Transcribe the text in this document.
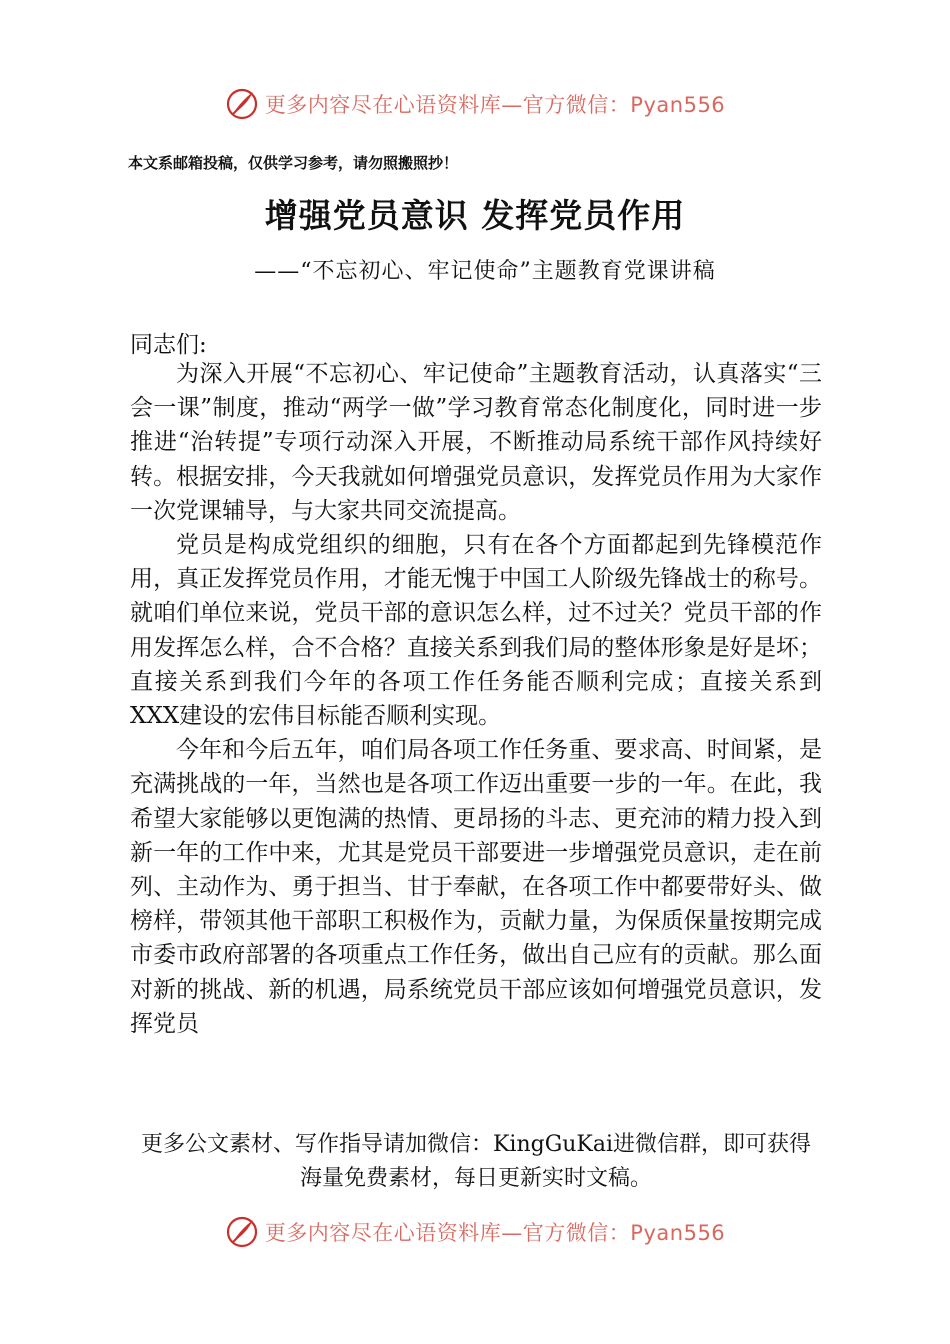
更多内容尽在心语资料库—官方微信：Pyan556
本文系邮箱投稿，仅供学习参考，请勿照搬照抄！
增强党员意识 发挥党员作用
——“不忘初心、牢记使命”主题教育党课讲稿
同志们:

为深入开展“不忘初心、牢记使命”主题教育活动，认真落实“三会一课”制度，推动“两学一做”学习教育常态化制度化，同时进一步推进“治转提”专项行动深入开展，不断推动局系统干部作风持续好转。根据安排，今天我就如何增强党员意识，发挥党员作用为大家作一次党课辅导，与大家共同交流提高。

党员是构成党组织的细胞，只有在各个方面都起到先锋模范作用，真正发挥党员作用，才能无愧于中国工人阶级先锋战士的称号。就咱们单位来说，党员干部的意识怎么样，过不过关？党员干部的作用发挥怎么样，合不合格？直接关系到我们局的整体形象是好是坏；直接关系到我们今年的各项工作任务能否顺利完成；直接关系到XXX建设的宏伟目标能否顺利实现。

今年和今后五年，咱们局各项工作任务重、要求高、时间紧，是充满挑战的一年，当然也是各项工作迈出重要一步的一年。在此，我希望大家能够以更饱满的热情、更昂扬的斗志、更充沛的精力投入到新一年的工作中来，尤其是党员干部要进一步增强党员意识，走在前列、主动作为、勇于担当、甘于奉献，在各项工作中都要带好头、做榜样，带领其他干部职工积极作为，贡献力量，为保质保量按期完成市委市政府部署的各项重点工作任务，做出自己应有的贡献。那么面对新的挑战、新的机遇，局系统党员干部应该如何增强党员意识，发挥党员

更多公文素材、写作指导请加微信：KingGuKai进微信群，即可获得海量免费素材，每日更新实时文稿。
更多内容尽在心语资料库—官方微信：Pyan556
